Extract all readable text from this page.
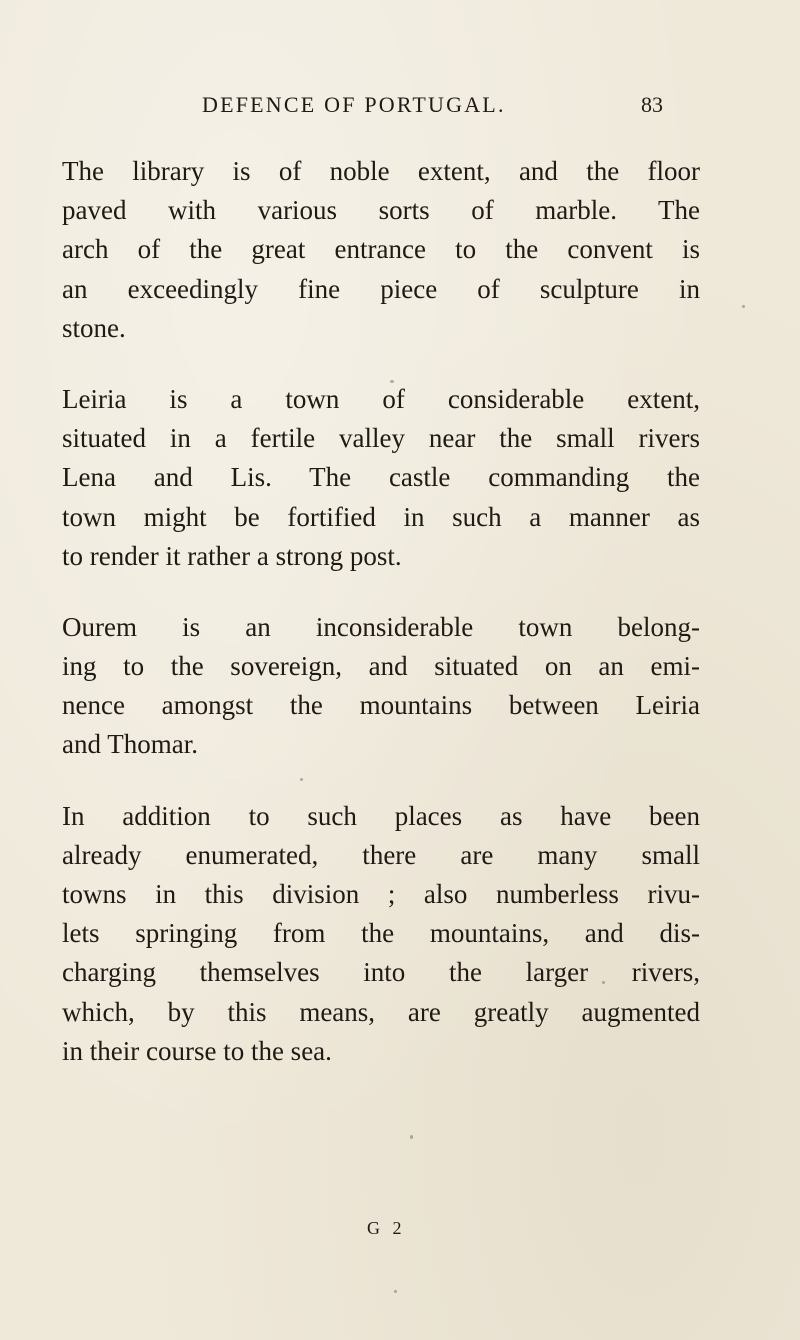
DEFENCE OF PORTUGAL.	83

The library is of noble extent, and the floor
paved with various sorts of marble. The
arch of the great entrance to the convent is
an exceedingly fine piece of sculpture in
stone.

Leiria is a town of considerable extent,
situated in a fertile valley near the small rivers
Lena and Lis. The castle commanding the
town might be fortified in such a manner as
to render it rather a strong post.

Ourem is an inconsiderable town belong-
ing to the sovereign, and situated on an emi-
nence amongst the mountains between Leiria
and Thomar.

In addition to such places as have been
already enumerated, there are many small
towns in this division ; also numberless rivu-
lets springing from the mountains, and dis-
charging themselves into the larger rivers,
which, by this means, are greatly augmented
in their course to the sea.

G 2
